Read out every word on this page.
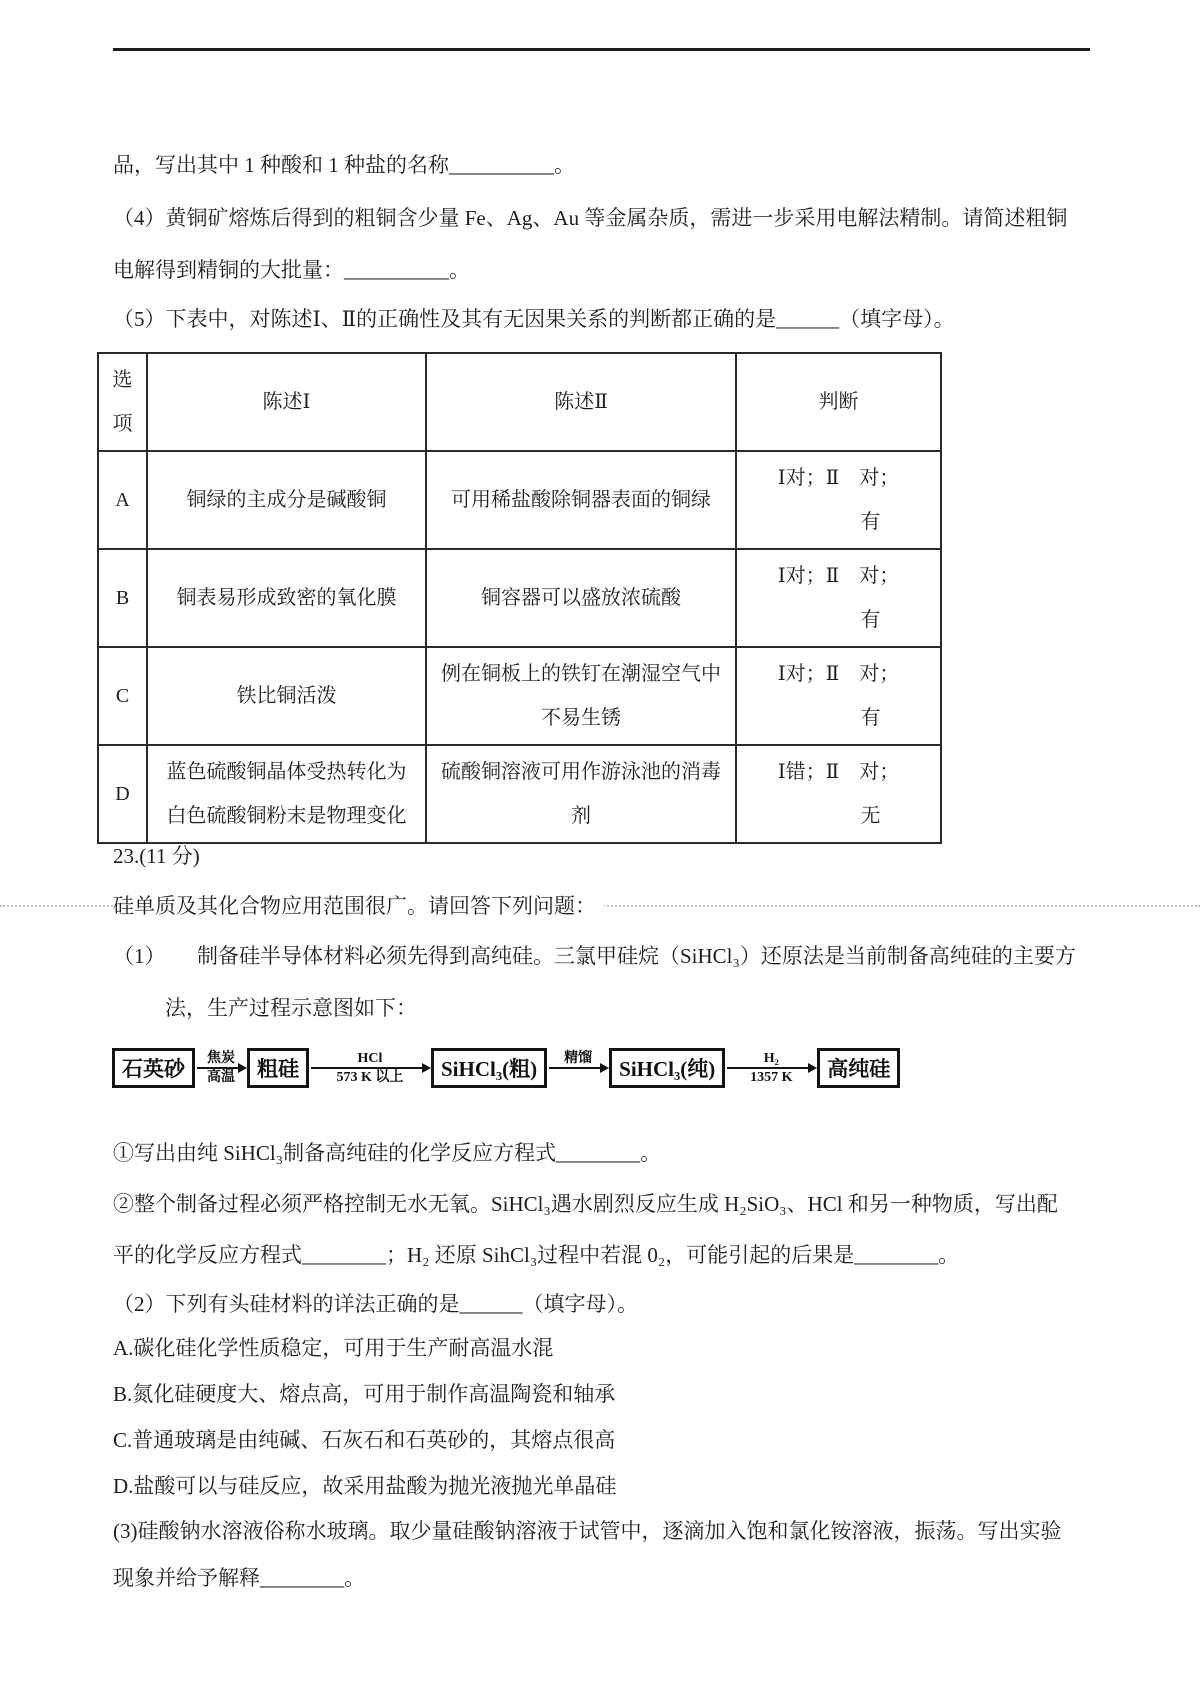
品，写出其中 1 种酸和 1 种盐的名称__________。
（4）黄铜矿熔炼后得到的粗铜含少量 Fe、Ag、Au 等金属杂质，需进一步采用电解法精制。请简述粗铜
电解得到精铜的大批量：__________。
（5）下表中，对陈述Ⅰ、Ⅱ的正确性及其有无因果关系的判断都正确的是______（填字母）。
选项	陈述Ⅰ	陈述Ⅱ	判断
A	铜绿的主成分是碱酸铜	可用稀盐酸除铜器表面的铜绿	Ⅰ对；Ⅱ　对；
有

B	铜表易形成致密的氧化膜	铜容器可以盛放浓硫酸	Ⅰ对；Ⅱ　对；
有

C	铁比铜活泼	例在铜板上的铁钉在潮湿空气中不易生锈	Ⅰ对；Ⅱ　对；
有

D	蓝色硫酸铜晶体受热转化为白色硫酸铜粉末是物理变化	硫酸铜溶液可用作游泳池的消毒剂	Ⅰ错；Ⅱ　对；
无
23.(11 分)
硅单质及其化合物应用范围很广。请回答下列问题：
（1）　　制备硅半导体材料必须先得到高纯硅。三氯甲硅烷（SiHCl₃）还原法是当前制备高纯硅的主要方
法，生产过程示意图如下：
石英砂	焦炭
高温	粗硅	HCl
573 K 以上	SiHCl₃(粗)	精馏	SiHCl₃(纯)	H₂
1357 K	高纯硅
①写出由纯 SiHCl₃制备高纯硅的化学反应方程式________。
②整个制备过程必须严格控制无水无氧。SiHCl₃遇水剧烈反应生成 H₂SiO₃、HCl 和另一种物质，写出配
平的化学反应方程式________；H₂ 还原 SihCl₃过程中若混 0₂，可能引起的后果是________。
（2）下列有头硅材料的详法正确的是______（填字母）。
A.碳化硅化学性质稳定，可用于生产耐高温水混
B.氮化硅硬度大、熔点高，可用于制作高温陶瓷和轴承
C.普通玻璃是由纯碱、石灰石和石英砂的，其熔点很高
D.盐酸可以与硅反应，故采用盐酸为抛光液抛光单晶硅
(3)硅酸钠水溶液俗称水玻璃。取少量硅酸钠溶液于试管中，逐滴加入饱和氯化铵溶液，振荡。写出实验
现象并给予解释________。
